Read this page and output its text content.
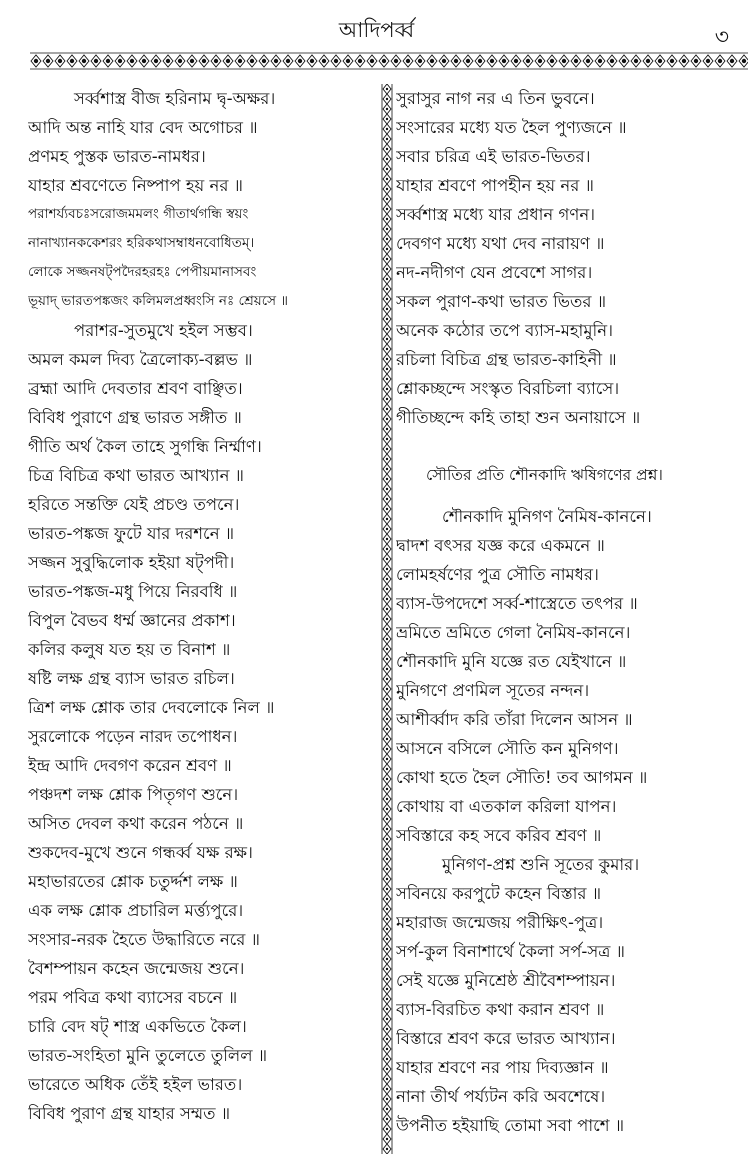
আদিপর্ব্ব	৩
সর্ব্বশাস্ত্র বীজ হরিনাম দ্বৃ-অক্ষর।
আদি অন্ত নাহি যার বেদ অগোচর ॥
প্রণমহ পুস্তক ভারত-নামধর।
যাহার শ্রবণেতে নিষ্পাপ হয় নর ॥
পরাশর্য্যবচঃসরোজমমলং গীতার্থগন্ধি স্বয়ং
নানাখ্যানককেশরং হরিকথাসম্বাধনবোধিতম্।
লোকে সজ্জনষট্পদৈরহরহঃ পেপীয়মানাসবং
ভূয়াদ্‌ ভারতপঙ্কজং কলিমলপ্রধ্বংসি নঃ শ্রেয়সে ॥
পরাশর-সুতমুখে হইল সম্ভব।
অমল কমল দিব্য ত্রৈলোক্য-বল্লভ ॥
ব্রহ্মা আদি দেবতার শ্রবণ বাঞ্ছিত।
বিবিধ পুরাণে গ্রন্থ ভারত সঙ্গীত ॥
গীতি অর্থ কৈল তাহে সুগন্ধি নির্ম্মাণ।
চিত্র বিচিত্র কথা ভারত আখ্যান ॥
হরিতে সন্তক্তি যেই প্রচণ্ড তপনে।
ভারত-পঙ্কজ ফুটে যার দরশনে ॥
সজ্জন সুবুদ্ধিলোক হইয়া ষট্পদী।
ভারত-পঙ্কজ-মধু পিয়ে নিরবধি ॥
বিপুল বৈভব ধর্ম্ম জ্ঞানের প্রকাশ।
কলির কলুষ যত হয় ত বিনাশ ॥
ষষ্টি লক্ষ গ্রন্থ ব্যাস ভারত রচিল।
ত্রিশ লক্ষ শ্লোক তার দেবলোকে নিল ॥
সুরলোকে পড়েন নারদ তপোধন।
ইন্দ্র আদি দেবগণ করেন শ্রবণ ॥
পঞ্চদশ লক্ষ শ্লোক পিতৃগণ শুনে।
অসিত দেবল কথা করেন পঠনে ॥
শুকদেব-মুখে শুনে গন্ধর্ব্ব যক্ষ রক্ষ।
মহাভারতের শ্লোক চতুর্দ্দশ লক্ষ ॥
এক লক্ষ শ্লোক প্রচারিল মর্ত্ত্যপুরে।
সংসার-নরক হৈতে উদ্ধারিতে নরে ॥
বৈশম্পায়ন কহেন জন্মেজয় শুনে।
পরম পবিত্র কথা ব্যাসের বচনে ॥
চারি বেদ ষট্‌ শাস্ত্র একভিতে কৈল।
ভারত-সংহিতা মুনি তুলেতে তুলিল ॥
ভারেতে অধিক তেঁই হইল ভারত।
বিবিধ পুরাণ গ্রন্থ যাহার সম্মত ॥
সুরাসুর নাগ নর এ তিন ভুবনে।
সংসারের মধ্যে যত হৈল পুণ্যজনে ॥
সবার চরিত্র এই ভারত-ভিতর।
যাহার শ্রবণে পাপহীন হয় নর ॥
সর্ব্বশাস্ত্র মধ্যে যার প্রধান গণন।
দেবগণ মধ্যে যথা দেব নারায়ণ ॥
নদ-নদীগণ যেন প্রবেশে সাগর।
সকল পুরাণ-কথা ভারত ভিতর ॥
অনেক কঠোর তপে ব্যাস-মহামুনি।
রচিলা বিচিত্র গ্রন্থ ভারত-কাহিনী ॥
শ্লোকচ্ছন্দে সংস্কৃত বিরচিলা ব্যাসে।
গীতিচ্ছন্দে কহি তাহা শুন অনায়াসে ॥
সৌতির প্রতি শৌনকাদি ঋষিগণের প্রশ্ন।
শৌনকাদি মুনিগণ নৈমিষ-কাননে।
দ্বাদশ বৎসর যজ্ঞ করে একমনে ॥
লোমহর্ষণের পুত্র সৌতি নামধর।
ব্যাস-উপদেশে সর্ব্ব-শাস্ত্রেতে তৎপর ॥
ভ্রমিতে ভ্রমিতে গেলা নৈমিষ-কাননে।
শৌনকাদি মুনি যজ্ঞে রত যেইখানে ॥
মুনিগণে প্রণমিল সূতের নন্দন।
আশীর্ব্বাদ করি তাঁরা দিলেন আসন ॥
আসনে বসিলে সৌতি কন মুনিগণ।
কোথা হতে হৈল সৌতি! তব আগমন ॥
কোথায় বা এতকাল করিলা যাপন।
সবিস্তারে কহ সবে করিব শ্রবণ ॥
মুনিগণ-প্রশ্ন শুনি সূতের কুমার।
সবিনয়ে করপুটে কহেন বিস্তার ॥
মহারাজ জন্মেজয় পরীক্ষিৎ-পুত্র।
সর্প-কুল বিনাশার্থে কৈলা সর্প-সত্র ॥
সেই যজ্ঞে মুনিশ্রেষ্ঠ শ্রীবৈশম্পায়ন।
ব্যাস-বিরচিত কথা করান শ্রবণ ॥
বিস্তারে শ্রবণ করে ভারত আখ্যান।
যাহার শ্রবণে নর পায় দিব্যজ্ঞান ॥
নানা তীর্থ পর্য্যটন করি অবশেষে।
উপনীত হইয়াছি তোমা সবা পাশে ॥
